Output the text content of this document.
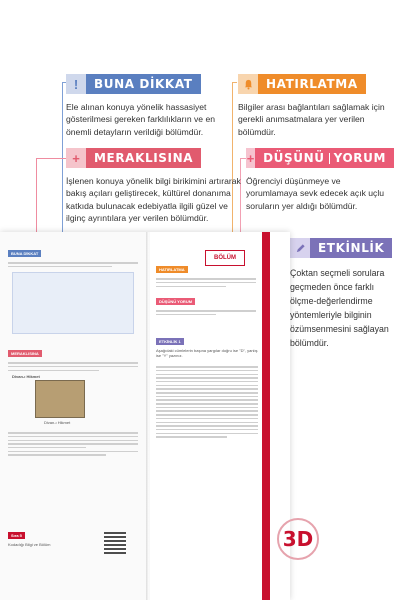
!	BUNA DİKKAT
Ele alınan konuya yönelik hassasiyet gösterilmesi gereken farklılıkların ve en önemli detayların verildiği bölümdür.
HATIRLATMA
Bilgiler arası bağlantıları sağlamak için gerekli anımsatmalara yer verilen bölümdür.
+	MERAKLISINA
İşlenen konuya yönelik bilgi birikimini artırarak bakış açıları geliştirecek, kültürel donanıma katkıda bulunacak edebiyatla ilgili güzel ve ilginç ayrıntılara yer verilen bölümdür.
+ DÜŞÜNÜ YORUM
Öğrenciyi düşünmeye ve yorumlamaya sevk edecek açık uçlu soruların yer aldığı bölümdür.
ETKİNLİK
Çoktan seçmeli sorulara geçmeden önce farklı ölçme-değerlendirme yöntemleriyle bilginin özümsenmesini sağlayan bölümdür.
BUNA DİKKAT
MERAKLISINA
Divan-ı Hikmet
Divan-ı Hikmet
Sıra 5
Kodadığı Bilgi ve Bölüm
HATIRLATMA
DÜŞÜNÜ YORUM
ETKİNLİK 1
Aşağıdaki cümlelerin başına yargılar doğru ise "D", yanlış ise "Y" yazınız.
BÖLÜM
3D
